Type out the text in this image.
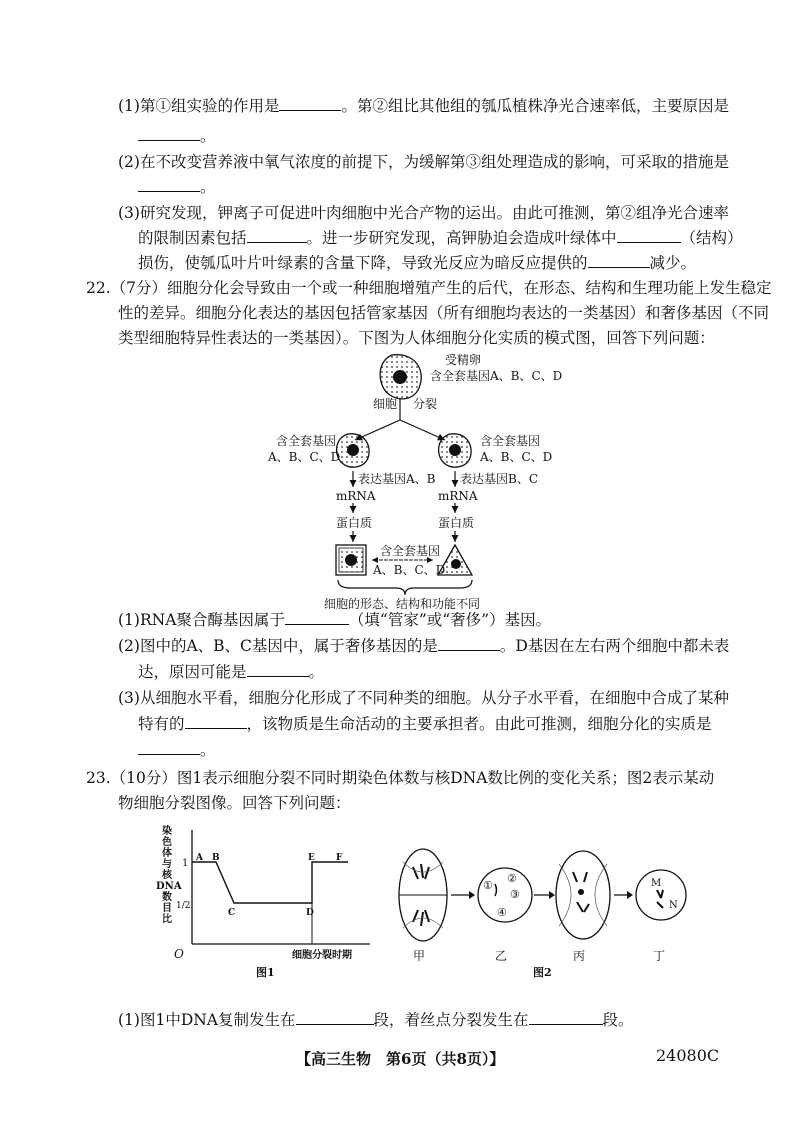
(1)第①组实验的作用是	。第②组比其他组的瓠瓜植株净光合速率低，主要原因是
。
(2)在不改变营养液中氧气浓度的前提下，为缓解第③组处理造成的影响，可采取的措施是
。
(3)研究发现，钾离子可促进叶肉细胞中光合产物的运出。由此可推测，第②组净光合速率
的限制因素包括	。进一步研究发现，高钾胁迫会造成叶绿体中	（结构）
损伤，使瓠瓜叶片叶绿素的含量下降，导致光反应为暗反应提供的	减少。
22.（7分）细胞分化会导致由一个或一种细胞增殖产生的后代，在形态、结构和生理功能上发生稳定
性的差异。细胞分化表达的基因包括管家基因（所有细胞均表达的一类基因）和奢侈基因（不同
类型细胞特异性表达的一类基因）。下图为人体细胞分化实质的模式图，回答下列问题：
受精卵
含全套基因A、B、C、D
细胞 分裂
含全套基因
A、B、C、D
含全套基因
A、B、C、D
表达基因A、B
mRNA
蛋白质
表达基因B、C
mRNA
蛋白质
含全套基因
A、B、C、D
细胞的形态、结构和功能不同
(1)RNA聚合酶基因属于	（填“管家”或“奢侈”）基因。
(2)图中的A、B、C基因中，属于奢侈基因的是	。D基因在左右两个细胞中都未表
达，原因可能是	。
(3)从细胞水平看，细胞分化形成了不同种类的细胞。从分子水平看，在细胞中合成了某种
特有的	，该物质是生命活动的主要承担者。由此可推测，细胞分化的实质是
。
23.（10分）图1表示细胞分裂不同时期染色体数与核DNA数比例的变化关系；图2表示某动
物细胞分裂图像。回答下列问题：
染
色
体
与
核
DNA
数
目
比
1
1/2
O	细胞分裂时期
A B
C	D
E F
图1
甲
①
②
③
④
乙	丙
M
N
丁
图2
(1)图1中DNA复制发生在	段，着丝点分裂发生在	段。
【高三生物　第6页（共8页）】	24080C
